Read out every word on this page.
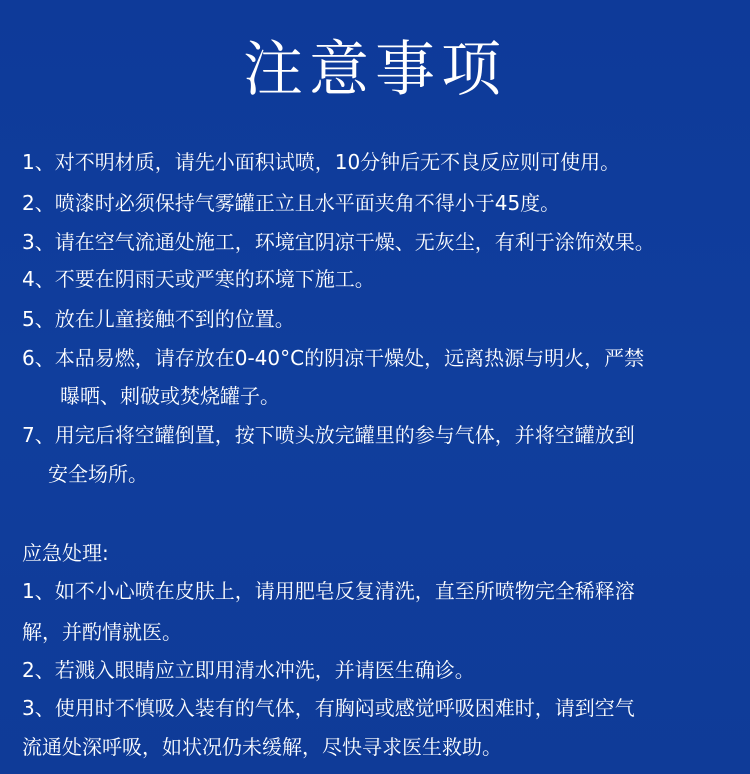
注意事项
1、对不明材质，请先小面积试喷，10分钟后无不良反应则可使用。
2、喷漆时必须保持气雾罐正立且水平面夹角不得小于45度。
3、请在空气流通处施工，环境宜阴凉干燥、无灰尘，有利于涂饰效果。
4、不要在阴雨天或严寒的环境下施工。
5、放在儿童接触不到的位置。
6、本品易燃，请存放在0-40°C的阴凉干燥处，远离热源与明火，严禁
曝晒、刺破或焚烧罐子。
7、用完后将空罐倒置，按下喷头放完罐里的参与气体，并将空罐放到
安全场所。
应急处理:
1、如不小心喷在皮肤上，请用肥皂反复清洗，直至所喷物完全稀释溶
解，并酌情就医。
2、若溅入眼睛应立即用清水冲洗，并请医生确诊。
3、使用时不慎吸入装有的气体，有胸闷或感觉呼吸困难时，请到空气
流通处深呼吸，如状况仍未缓解，尽快寻求医生救助。
